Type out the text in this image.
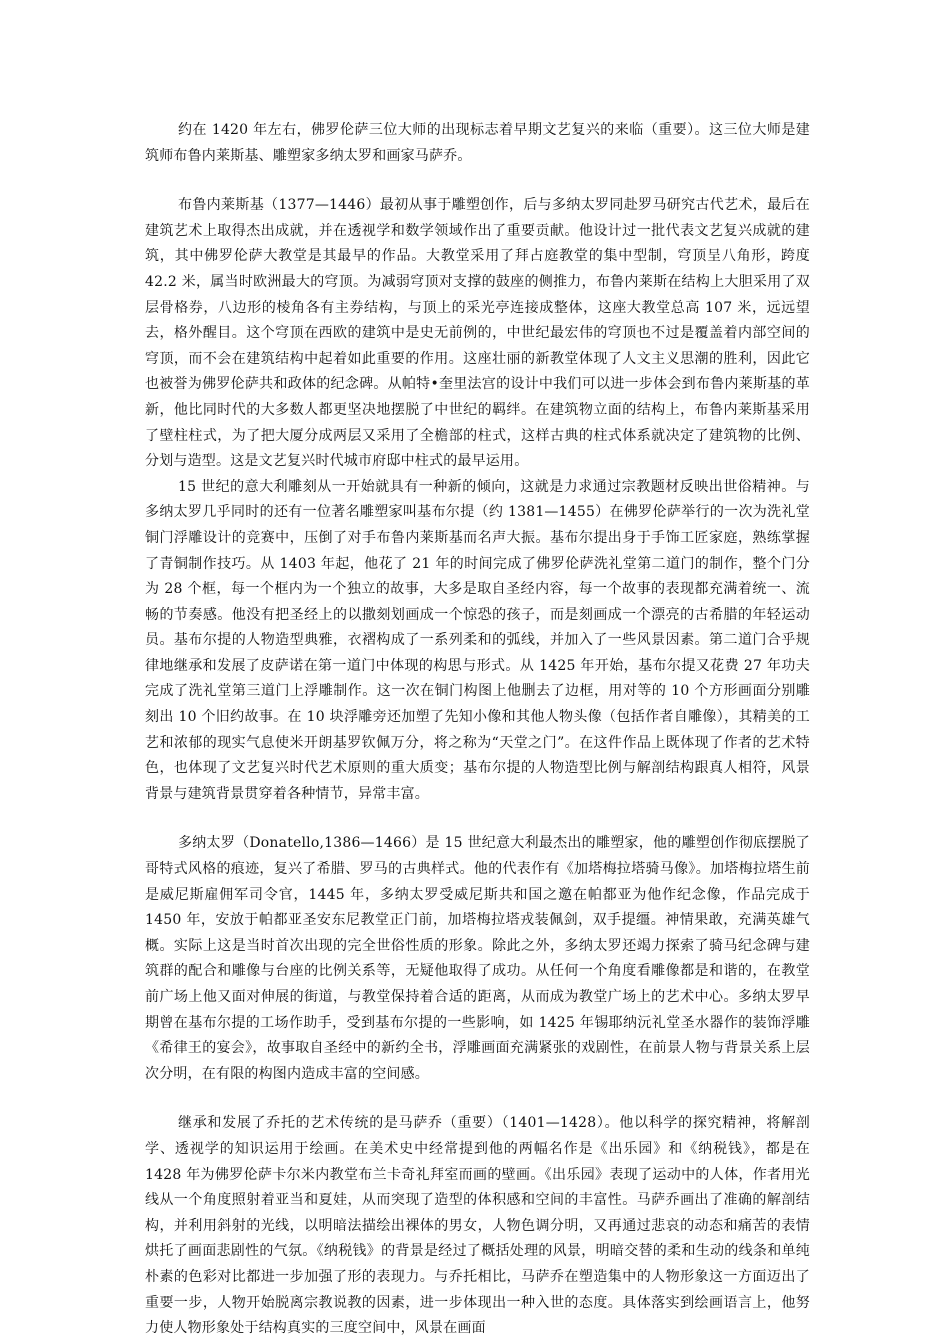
约在 1420 年左右，佛罗伦萨三位大师的出现标志着早期文艺复兴的来临（重要）。这三位大师是建筑师布鲁内莱斯基、雕塑家多纳太罗和画家马萨乔。

布鲁内莱斯基（1377—1446）最初从事于雕塑创作，后与多纳太罗同赴罗马研究古代艺术，最后在建筑艺术上取得杰出成就，并在透视学和数学领域作出了重要贡献。他设计过一批代表文艺复兴成就的建筑，其中佛罗伦萨大教堂是其最早的作品。大教堂采用了拜占庭教堂的集中型制，穹顶呈八角形，跨度 42.2 米，属当时欧洲最大的穹顶。为减弱穹顶对支撑的鼓座的侧推力，布鲁内莱斯在结构上大胆采用了双层骨格券，八边形的棱角各有主券结构，与顶上的采光亭连接成整体，这座大教堂总高 107 米，远远望去，格外醒目。这个穹顶在西欧的建筑中是史无前例的，中世纪最宏伟的穹顶也不过是覆盖着内部空间的穹顶，而不会在建筑结构中起着如此重要的作用。这座壮丽的新教堂体现了人文主义思潮的胜利，因此它也被誉为佛罗伦萨共和政体的纪念碑。从帕特•奎里法宫的设计中我们可以进一步体会到布鲁内莱斯基的革新，他比同时代的大多数人都更坚决地摆脱了中世纪的羁绊。在建筑物立面的结构上，布鲁内莱斯基采用了壁柱柱式，为了把大厦分成两层又采用了全檐部的柱式，这样古典的柱式体系就决定了建筑物的比例、分划与造型。这是文艺复兴时代城市府邸中柱式的最早运用。

15 世纪的意大利雕刻从一开始就具有一种新的倾向，这就是力求通过宗教题材反映出世俗精神。与多纳太罗几乎同时的还有一位著名雕塑家叫基布尔提（约 1381—1455）在佛罗伦萨举行的一次为洗礼堂铜门浮雕设计的竞赛中，压倒了对手布鲁内莱斯基而名声大振。基布尔提出身于手饰工匠家庭，熟练掌握了青铜制作技巧。从 1403 年起，他花了 21 年的时间完成了佛罗伦萨洗礼堂第二道门的制作，整个门分为 28 个框，每一个框内为一个独立的故事，大多是取自圣经内容，每一个故事的表现都充满着统一、流畅的节奏感。他没有把圣经上的以撒刻划画成一个惊恐的孩子，而是刻画成一个漂亮的古希腊的年轻运动员。基布尔提的人物造型典雅，衣褶构成了一系列柔和的弧线，并加入了一些风景因素。第二道门合乎规律地继承和发展了皮萨诺在第一道门中体现的构思与形式。从 1425 年开始，基布尔提又花费 27 年功夫完成了洗礼堂第三道门上浮雕制作。这一次在铜门构图上他删去了边框，用对等的 10 个方形画面分别雕刻出 10 个旧约故事。在 10 块浮雕旁还加塑了先知小像和其他人物头像（包括作者自雕像），其精美的工艺和浓郁的现实气息使米开朗基罗钦佩万分，将之称为“天堂之门”。在这件作品上既体现了作者的艺术特色，也体现了文艺复兴时代艺术原则的重大质变；基布尔提的人物造型比例与解剖结构跟真人相符，风景背景与建筑背景贯穿着各种情节，异常丰富。

多纳太罗（Donatello,1386—1466）是 15 世纪意大利最杰出的雕塑家，他的雕塑创作彻底摆脱了哥特式风格的痕迹，复兴了希腊、罗马的古典样式。他的代表作有《加塔梅拉塔骑马像》。加塔梅拉塔生前是威尼斯雇佣军司令官，1445 年，多纳太罗受威尼斯共和国之邀在帕都亚为他作纪念像，作品完成于 1450 年，安放于帕都亚圣安东尼教堂正门前，加塔梅拉塔戎装佩剑，双手提缰。神情果敢，充满英雄气概。实际上这是当时首次出现的完全世俗性质的形象。除此之外，多纳太罗还竭力探索了骑马纪念碑与建筑群的配合和雕像与台座的比例关系等，无疑他取得了成功。从任何一个角度看雕像都是和谐的，在教堂前广场上他又面对伸展的街道，与教堂保持着合适的距离，从而成为教堂广场上的艺术中心。多纳太罗早期曾在基布尔提的工场作助手，受到基布尔提的一些影响，如 1425 年锡耶纳沅礼堂圣水器作的装饰浮雕《希律王的宴会》，故事取自圣经中的新约全书，浮雕画面充满紧张的戏剧性，在前景人物与背景关系上层次分明，在有限的构图内造成丰富的空间感。

继承和发展了乔托的艺术传统的是马萨乔（重要）（1401—1428）。他以科学的探究精神，将解剖学、透视学的知识运用于绘画。在美术史中经常提到他的两幅名作是《出乐园》和《纳税钱》，都是在 1428 年为佛罗伦萨卡尔米内教堂布兰卡奇礼拜室而画的壁画。《出乐园》表现了运动中的人体，作者用光线从一个角度照射着亚当和夏娃，从而突现了造型的体积感和空间的丰富性。马萨乔画出了准确的解剖结构，并利用斜射的光线，以明暗法描绘出裸体的男女，人物色调分明，又再通过悲哀的动态和痛苦的表情烘托了画面悲剧性的气氛。《纳税钱》的背景是经过了概括处理的风景，明暗交替的柔和生动的线条和单纯朴素的色彩对比都进一步加强了形的表现力。与乔托相比，马萨乔在塑造集中的人物形象这一方面迈出了重要一步，人物开始脱离宗教说教的因素，进一步体现出一种入世的态度。具体落实到绘画语言上，他努力使人物形象处于结构真实的三度空间中，风景在画面
